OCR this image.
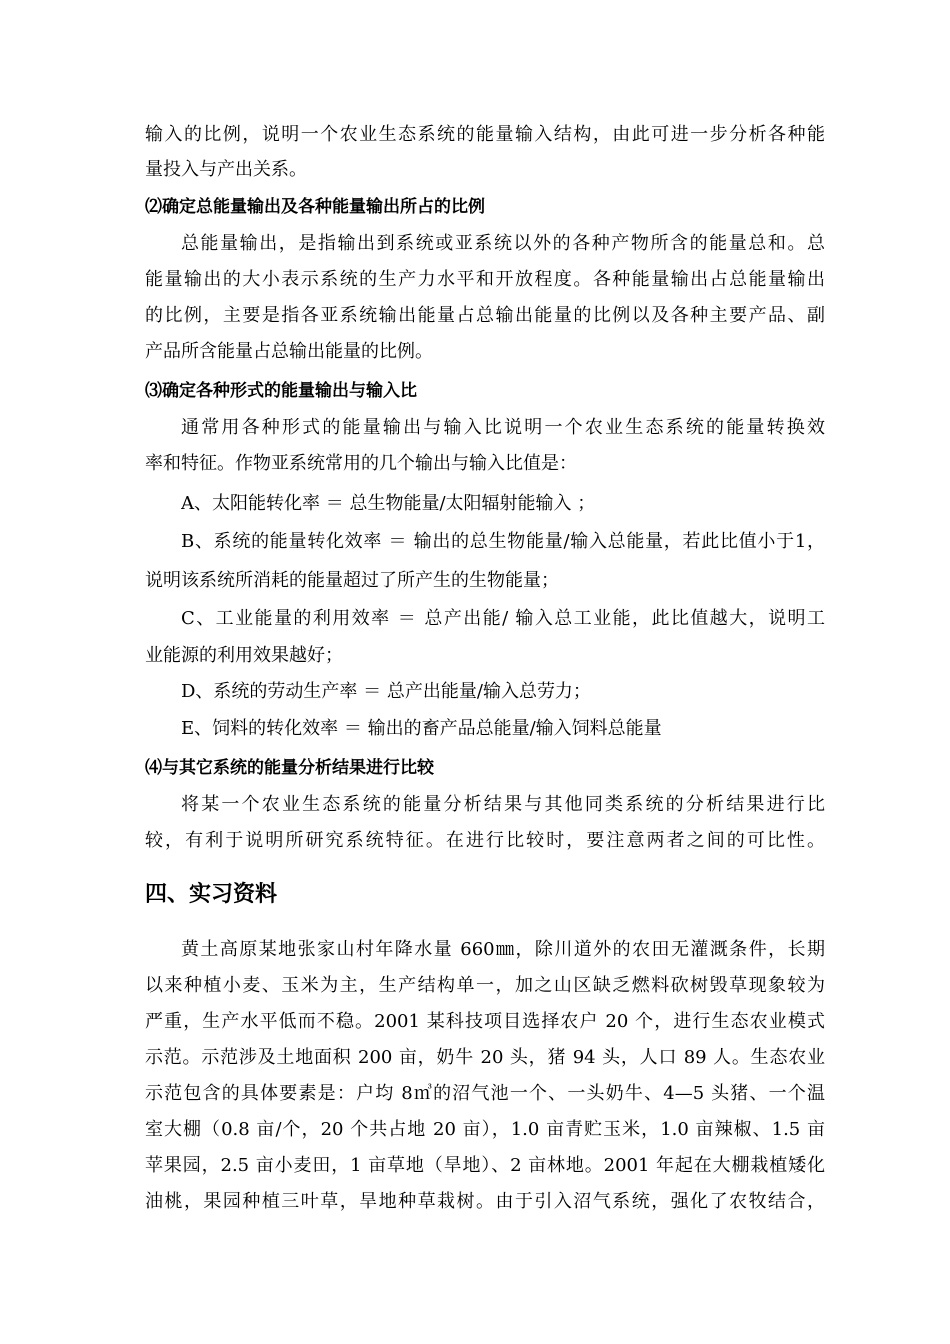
输入的比例，说明一个农业生态系统的能量输入结构，由此可进一步分析各种能
量投入与产出关系。
⑵确定总能量输出及各种能量输出所占的比例
总能量输出，是指输出到系统或亚系统以外的各种产物所含的能量总和。总
能量输出的大小表示系统的生产力水平和开放程度。各种能量输出占总能量输出
的比例，主要是指各亚系统输出能量占总输出能量的比例以及各种主要产品、副
产品所含能量占总输出能量的比例。
⑶确定各种形式的能量输出与输入比
通常用各种形式的能量输出与输入比说明一个农业生态系统的能量转换效
率和特征。作物亚系统常用的几个输出与输入比值是：
A、太阳能转化率 ＝ 总生物能量/太阳辐射能输入 ；
B、系统的能量转化效率 ＝ 输出的总生物能量/输入总能量，若此比值小于1，
说明该系统所消耗的能量超过了所产生的生物能量；
C、工业能量的利用效率 ＝ 总产出能/ 输入总工业能，此比值越大，说明工
业能源的利用效果越好；
D、系统的劳动生产率 ＝ 总产出能量/输入总劳力；
E、饲料的转化效率 ＝ 输出的畜产品总能量/输入饲料总能量
⑷与其它系统的能量分析结果进行比较
将某一个农业生态系统的能量分析结果与其他同类系统的分析结果进行比
较，有利于说明所研究系统特征。在进行比较时，要注意两者之间的可比性。
四、实习资料
黄土高原某地张家山村年降水量 660㎜，除川道外的农田无灌溉条件，长期
以来种植小麦、玉米为主，生产结构单一，加之山区缺乏燃料砍树毁草现象较为
严重，生产水平低而不稳。2001 某科技项目选择农户 20 个，进行生态农业模式
示范。示范涉及土地面积 200 亩，奶牛 20 头，猪 94 头，人口 89 人。生态农业
示范包含的具体要素是：户均 8㎥的沼气池一个、一头奶牛、4—5 头猪、一个温
室大棚（0.8 亩/个，20 个共占地 20 亩），1.0 亩青贮玉米，1.0 亩辣椒、1.5 亩
苹果园，2.5 亩小麦田，1 亩草地（旱地）、2 亩林地。2001 年起在大棚栽植矮化
油桃，果园种植三叶草，旱地种草栽树。由于引入沼气系统，强化了农牧结合，
